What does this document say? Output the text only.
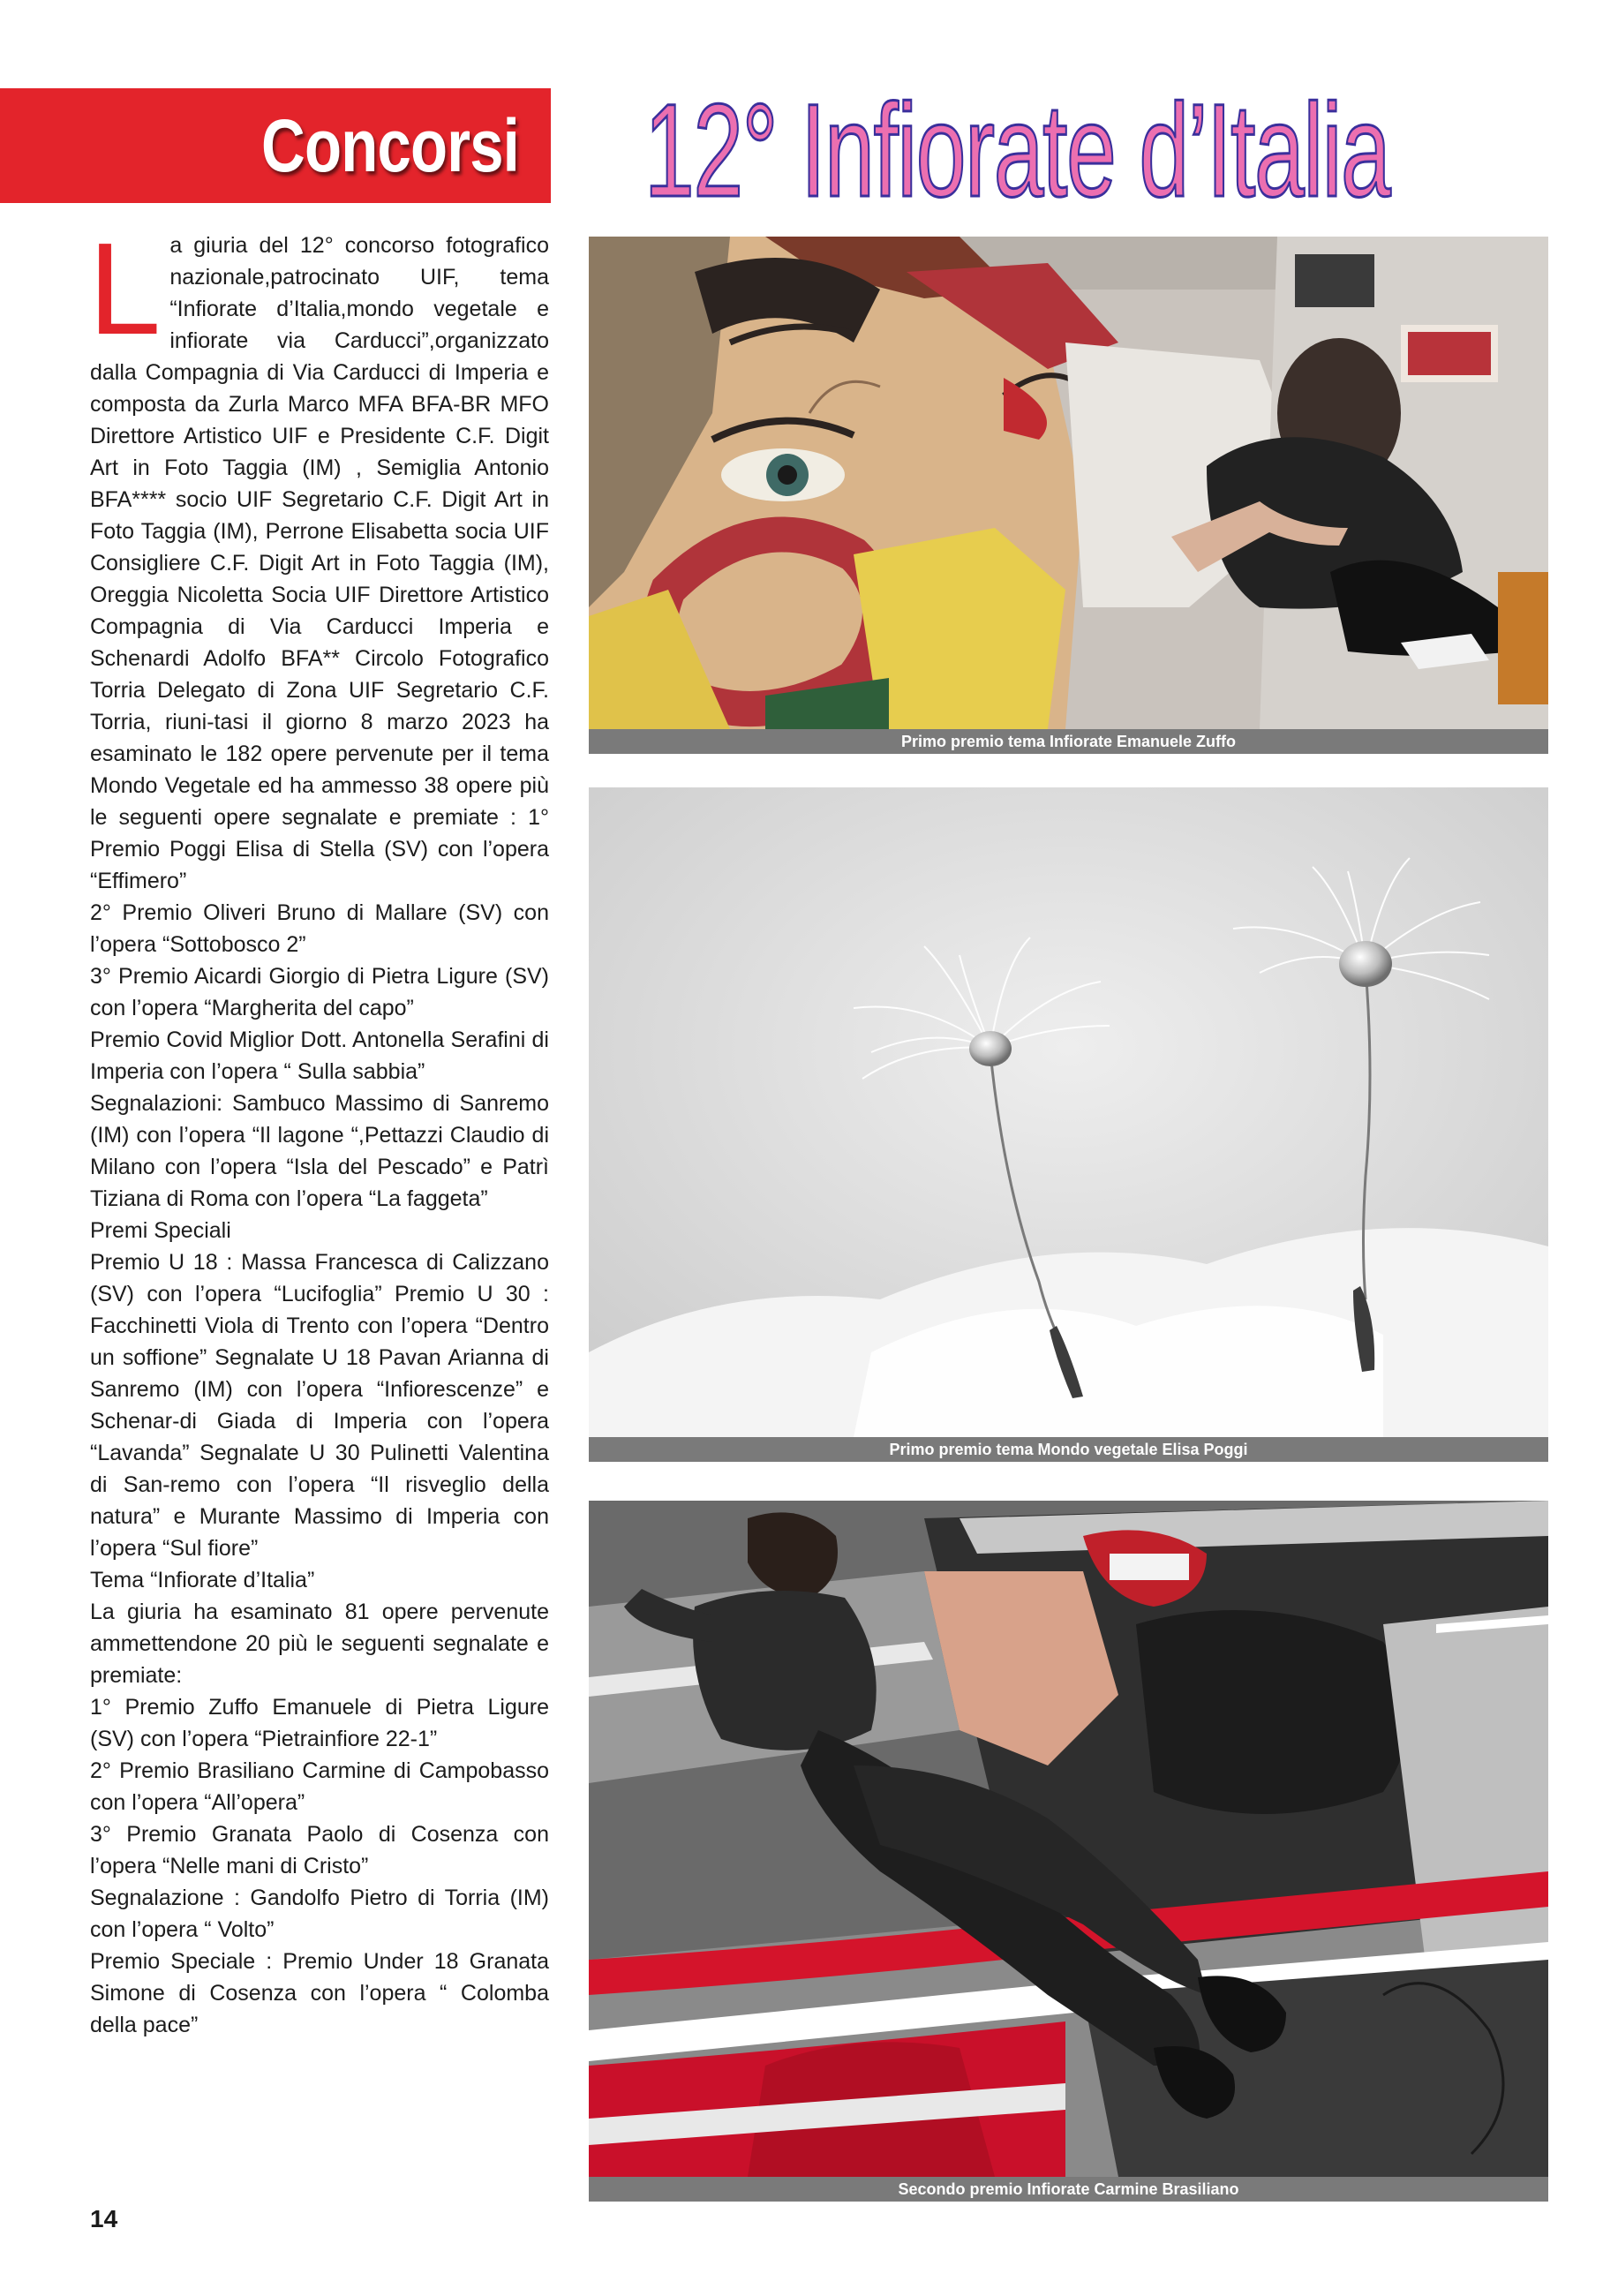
Concorsi 12° Infiorate d’Italia

La giuria del 12° concorso fotografico nazionale,patrocinato UIF, tema “Infiorate d’Italia,mondo vegetale e infiorate via Carducci”,organizzato dalla Compagnia di Via Carducci di Imperia e composta da Zurla Marco MFA BFA-BR MFO Direttore Artistico UIF e Presidente C.F. Digit Art in Foto Taggia (IM) , Semiglia Antonio BFA**** socio UIF Segretario C.F. Digit Art in Foto Taggia (IM), Perrone Elisabetta socia UIF Consigliere C.F. Digit Art in Foto Taggia (IM), Oreggia Nicoletta Socia UIF Direttore Artistico Compagnia di Via Carducci Imperia e Schenardi Adolfo BFA** Circolo Fotografico Torria Delegato di Zona UIF Segretario C.F. Torria, riuni-tasi il giorno 8 marzo 2023 ha esaminato le 182 opere pervenute per il tema Mondo Vegetale ed ha ammesso 38 opere più le seguenti opere segnalate e premiate : 1° Premio Poggi Elisa di Stella (SV) con l’opera “Effimero”

2° Premio Oliveri Bruno di Mallare (SV) con l’opera “Sottobosco 2”

3° Premio Aicardi Giorgio di Pietra Ligure (SV) con l’opera “Margherita del capo”

Premio Covid Miglior Dott. Antonella Serafini di Imperia con l’opera “ Sulla sabbia”

Segnalazioni: Sambuco Massimo di Sanremo (IM) con l’opera “Il lagone “,Pettazzi Claudio di Milano con l’opera “Isla del Pescado” e Patrì Tiziana di Roma con l’opera “La faggeta”

Premi Speciali

Premio U 18 : Massa Francesca di Calizzano (SV) con l’opera “Lucifoglia” Premio U 30 : Facchinetti Viola di Trento con l’opera “Dentro un soffione” Segnalate U 18 Pavan Arianna di Sanremo (IM) con l’opera “Infiorescenze” e Schenar-di Giada di Imperia con l’opera “Lavanda” Segnalate U 30 Pulinetti Valentina di San-remo con l’opera “Il risveglio della natura” e Murante Massimo di Imperia con l’opera “Sul fiore”

Tema “Infiorate d’Italia”

La giuria ha esaminato 81 opere pervenute ammettendone 20 più le seguenti segnalate e premiate:

1° Premio Zuffo Emanuele di Pietra Ligure (SV) con l’opera “Pietrainfiore 22-1”

2° Premio Brasiliano Carmine di Campobasso con l’opera “All’opera”

3° Premio Granata Paolo di Cosenza con l’opera “Nelle mani di Cristo”

Segnalazione : Gandolfo Pietro di Torria (IM) con l’opera “ Volto”

Premio Speciale : Premio Under 18 Granata Simone di Cosenza con l’opera “ Colomba della pace”

Primo premio tema Infiorate Emanuele Zuffo
Primo premio tema Mondo vegetale Elisa Poggi
Secondo premio Infiorate Carmine Brasiliano
14
